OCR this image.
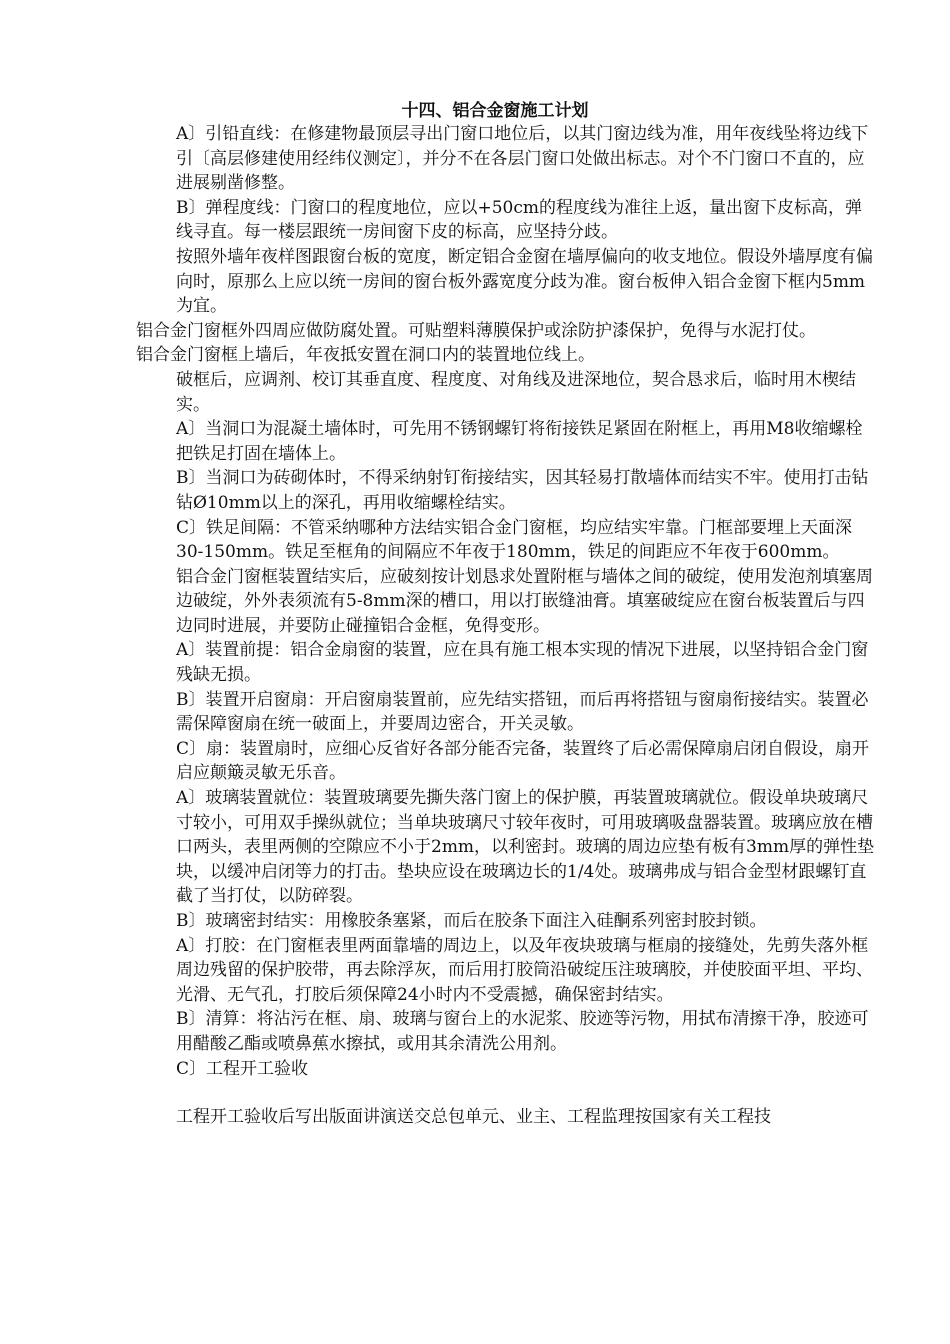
十四、铝合金窗施工计划

A〕引铅直线：在修建物最顶层寻出门窗口地位后，以其门窗边线为准，用年夜线坠将边线下引〔高层修建使用经纬仪测定〕，并分不在各层门窗口处做出标志。对个不门窗口不直的，应进展剔凿修整。

B〕弹程度线：门窗口的程度地位，应以+50cm的程度线为准往上返，量出窗下皮标高，弹线寻直。每一楼层跟统一房间窗下皮的标高，应坚持分歧。

按照外墙年夜样图跟窗台板的宽度，断定铝合金窗在墙厚偏向的收支地位。假设外墙厚度有偏向时，原那么上应以统一房间的窗台板外露宽度分歧为准。窗台板伸入铝合金窗下框内5mm为宜。

铝合金门窗框外四周应做防腐处置。可贴塑料薄膜保护或涂防护漆保护，免得与水泥打仗。

铝合金门窗框上墙后，年夜抵安置在洞口内的装置地位线上。

破框后，应调剂、校订其垂直度、程度度、对角线及进深地位，契合恳求后，临时用木楔结实。

A〕当洞口为混凝土墙体时，可先用不锈钢螺钉将衔接铁足紧固在附框上，再用M8收缩螺栓把铁足打固在墙体上。

B〕当洞口为砖砌体时，不得采纳射钉衔接结实，因其轻易打散墙体而结实不牢。使用打击钻钻Ø10mm以上的深孔，再用收缩螺栓结实。

C〕铁足间隔：不管采纳哪种方法结实铝合金门窗框，均应结实牢靠。门框部要埋上天面深30-150mm。铁足至框角的间隔应不年夜于180mm，铁足的间距应不年夜于600mm。

铝合金门窗框装置结实后，应破刻按计划恳求处置附框与墙体之间的破绽，使用发泡剂填塞周边破绽，外外表须流有5-8mm深的槽口，用以打嵌缝油膏。填塞破绽应在窗台板装置后与四边同时进展，并要防止碰撞铝合金框，免得变形。

A〕装置前提：铝合金扇窗的装置，应在具有施工根本实现的情况下进展，以坚持铝合金门窗残缺无损。

B〕装置开启窗扇：开启窗扇装置前，应先结实搭钮，而后再将搭钮与窗扇衔接结实。装置必需保障窗扇在统一破面上，并要周边密合，开关灵敏。

C〕扇：装置扇时，应细心反省好各部分能否完备，装置终了后必需保障扇启闭自假设，扇开启应颠簸灵敏无乐音。

A〕玻璃装置就位：装置玻璃要先撕失落门窗上的保护膜，再装置玻璃就位。假设单块玻璃尺寸较小，可用双手操纵就位；当单块玻璃尺寸较年夜时，可用玻璃吸盘器装置。玻璃应放在槽口两头，表里两侧的空隙应不小于2mm，以利密封。玻璃的周边应垫有板有3mm厚的弹性垫块，以缓冲启闭等力的打击。垫块应设在玻璃边长的1/4处。玻璃弗成与铝合金型材跟螺钉直截了当打仗，以防碎裂。

B〕玻璃密封结实：用橡胶条塞紧，而后在胶条下面注入硅酮系列密封胶封锁。

A〕打胶：在门窗框表里两面靠墙的周边上，以及年夜块玻璃与框扇的接缝处，先剪失落外框周边残留的保护胶带，再去除浮灰，而后用打胶筒沿破绽压注玻璃胶，并使胶面平坦、平均、光滑、无气孔，打胶后须保障24小时内不受震撼，确保密封结实。

B〕清算：将沾污在框、扇、玻璃与窗台上的水泥浆、胶迹等污物，用拭布清擦干净，胶迹可用醋酸乙酯或喷鼻蕉水擦拭，或用其余清洗公用剂。

C〕工程开工验收

工程开工验收后写出版面讲演送交总包单元、业主、工程监理按国家有关工程技
